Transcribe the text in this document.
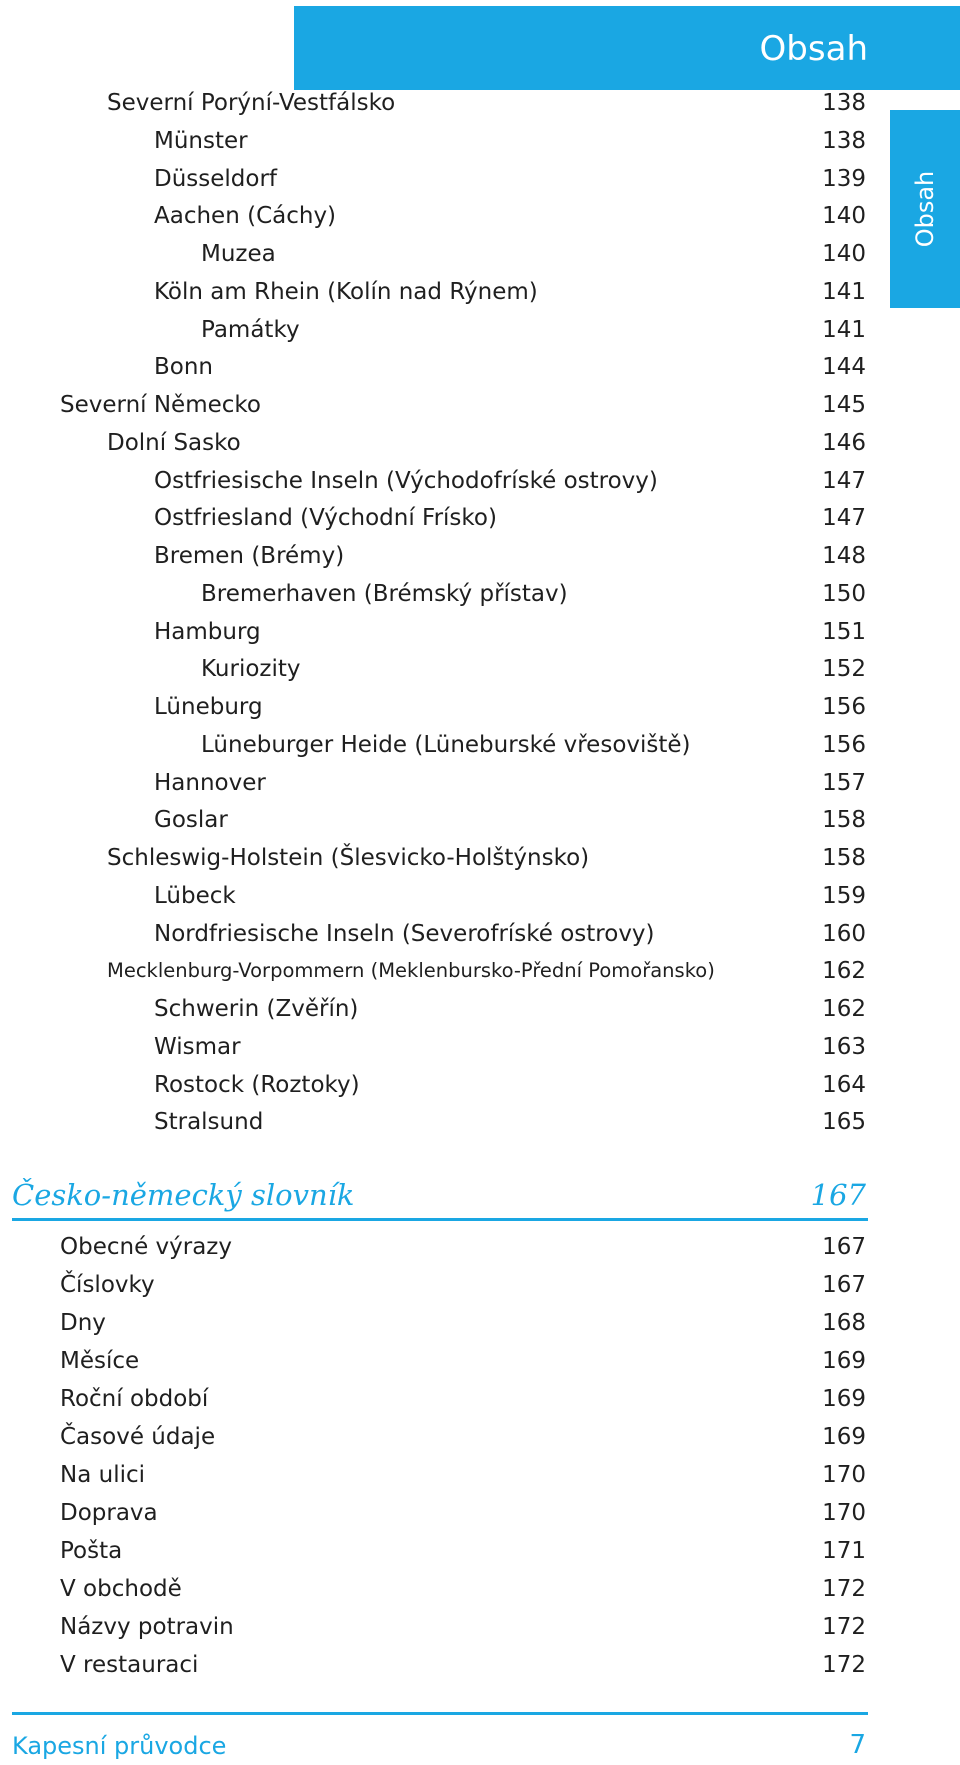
Obsah
Obsah
Severní Porýní-Vestfálsko	138
Münster	138
Düsseldorf	139
Aachen (Cáchy)	140
Muzea	140
Köln am Rhein (Kolín nad Rýnem)	141
Památky	141
Bonn	144
Severní Německo	145
Dolní Sasko	146
Ostfriesische Inseln (Východofríské ostrovy)	147
Ostfriesland (Východní Frísko)	147
Bremen (Brémy)	148
Bremerhaven (Brémský přístav)	150
Hamburg	151
Kuriozity	152
Lüneburg	156
Lüneburger Heide (Lüneburské vřesoviště)	156
Hannover	157
Goslar	158
Schleswig-Holstein (Šlesvicko-Holštýnsko)	158
Lübeck	159
Nordfriesische Inseln (Severofríské ostrovy)	160
Mecklenburg-Vorpommern (Meklenbursko-Přední Pomořansko)	162
Schwerin (Zvěřín)	162
Wismar	163
Rostock (Roztoky)	164
Stralsund	165
Česko-německý slovník	167
Obecné výrazy	167
Číslovky	167
Dny	168
Měsíce	169
Roční období	169
Časové údaje	169
Na ulici	170
Doprava	170
Pošta	171
V obchodě	172
Názvy potravin	172
V restauraci	172
Kapesní průvodce	7
